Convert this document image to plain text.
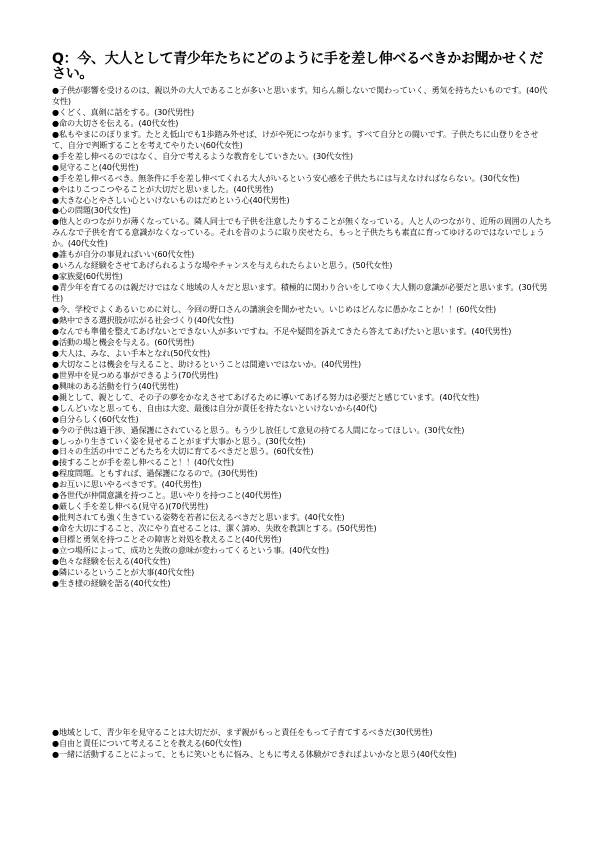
Q：今、大人として青少年たちにどのように手を差し伸べるべきかお聞かせください。
●子供が影響を受けるのは、親以外の大人であることが多いと思います。知らん顔しないで関わっていく、勇気を持ちたいものです。(40代女性)
●くどく、真剣に話をする。(30代男性)
●命の大切さを伝える。(40代女性)
●私もやまにのぼります。たとえ低山でも1歩踏み外せば、けがや死につながります。すべて自分との闘いです。子供たちに山登りをさせて、自分で判断することを考えてやりたい(60代女性)
●手を差し伸べるのではなく、自分で考えるような教育をしていきたい。(30代女性)
●見守ること(40代男性)
●手を差し伸べるべき。無条件に手を差し伸べてくれる大人がいるという安心感を子供たちには与えなければならない。(30代女性)
●やはりこつこつやることが大切だと思いました。(40代男性)
●大きな心とやさしい心といけないものはだめという心(40代男性)
●心の問題(30代女性)
●他人とのつながりが薄くなっている。隣人同士でも子供を注意したりすることが無くなっている。人と人のつながり、近所の周囲の人たちみんなで子供を育てる意識がなくなっている。それを昔のように取り戻せたら、もっと子供たちも素直に育ってゆけるのではないでしょうか。(40代女性)
●誰もが自分の事見ればいい(60代女性)
●いろんな経験をさせてあげられるような場やチャンスを与えられたらよいと思う。(50代女性)
●家族愛(60代男性)
●青少年を育てるのは親だけではなく地域の人々だと思います。積極的に関わり合いをしてゆく大人側の意識が必要だと思います。(30代男性)
●今、学校でよくあるいじめに対し、今回の野口さんの講演会を聞かせたい。いじめはどんなに愚かなことか！！(60代女性)
●熱中できる選択肢が広がる社会づくり(40代女性)
●なんでも準備を整えてあげないとできない人が多いですね。不足や疑問を訴えてきたら答えてあげたいと思います。(40代男性)
●活動の場と機会を与える。(60代男性)
●大人は、みな、よい手本となれ(50代女性)
●大切なことは機会を与えること、助けるということは間違いではないか。(40代男性)
●世界中を見つめる事ができるよう(70代男性)
●興味のある活動を行う(40代男性)
●親として、親として、その子の夢をかなえさせてあげるために導いてあげる努力は必要だと感じています。(40代女性)
●しんどいなと思っても、自由は大変、最後は自分が責任を持たないといけないから(40代)
●自分らしく(60代女性)
●今の子供は過干渉、過保護にされていると思う。もう少し放任して意見の持てる人間になってほしい。(30代女性)
●しっかり生きていく姿を見せることがまず大事かと思う。(30代女性)
●日々の生活の中でこどもたちを大切に育てるべきだと思う。(60代女性)
●接することが手を差し伸べること！！(40代女性)
●程度問題。ともすれば、過保護になるので。(30代男性)
●お互いに思いやるべきです。(40代男性)
●各世代が仲間意識を持つこと。思いやりを持つこと(40代男性)
●厳しく手を差し伸べる(見守る)(70代男性)
●批判されても強く生きている姿勢を若者に伝えるべきだと思います。(40代女性)
●命を大切にすること、次にやり直せることは、潔く諦め、失敗を教訓とする。(50代男性)
●目標と勇気を持つことその障害と対処を教えること(40代男性)
●立つ場所によって、成功と失敗の意味が変わってくるという事。(40代女性)
●色々な経験を伝える(40代女性)
●隣にいるということが大事(40代女性)
●生き様の経験を語る(40代女性)
●地域として、青少年を見守ることは大切だが、まず親がもっと責任をもって子育てするべきだ(30代男性)
●自由と責任について考えることを教える(60代女性)
●一緒に活動することによって、ともに笑いともに悩み、ともに考える体験ができればよいかなと思う(40代女性)
